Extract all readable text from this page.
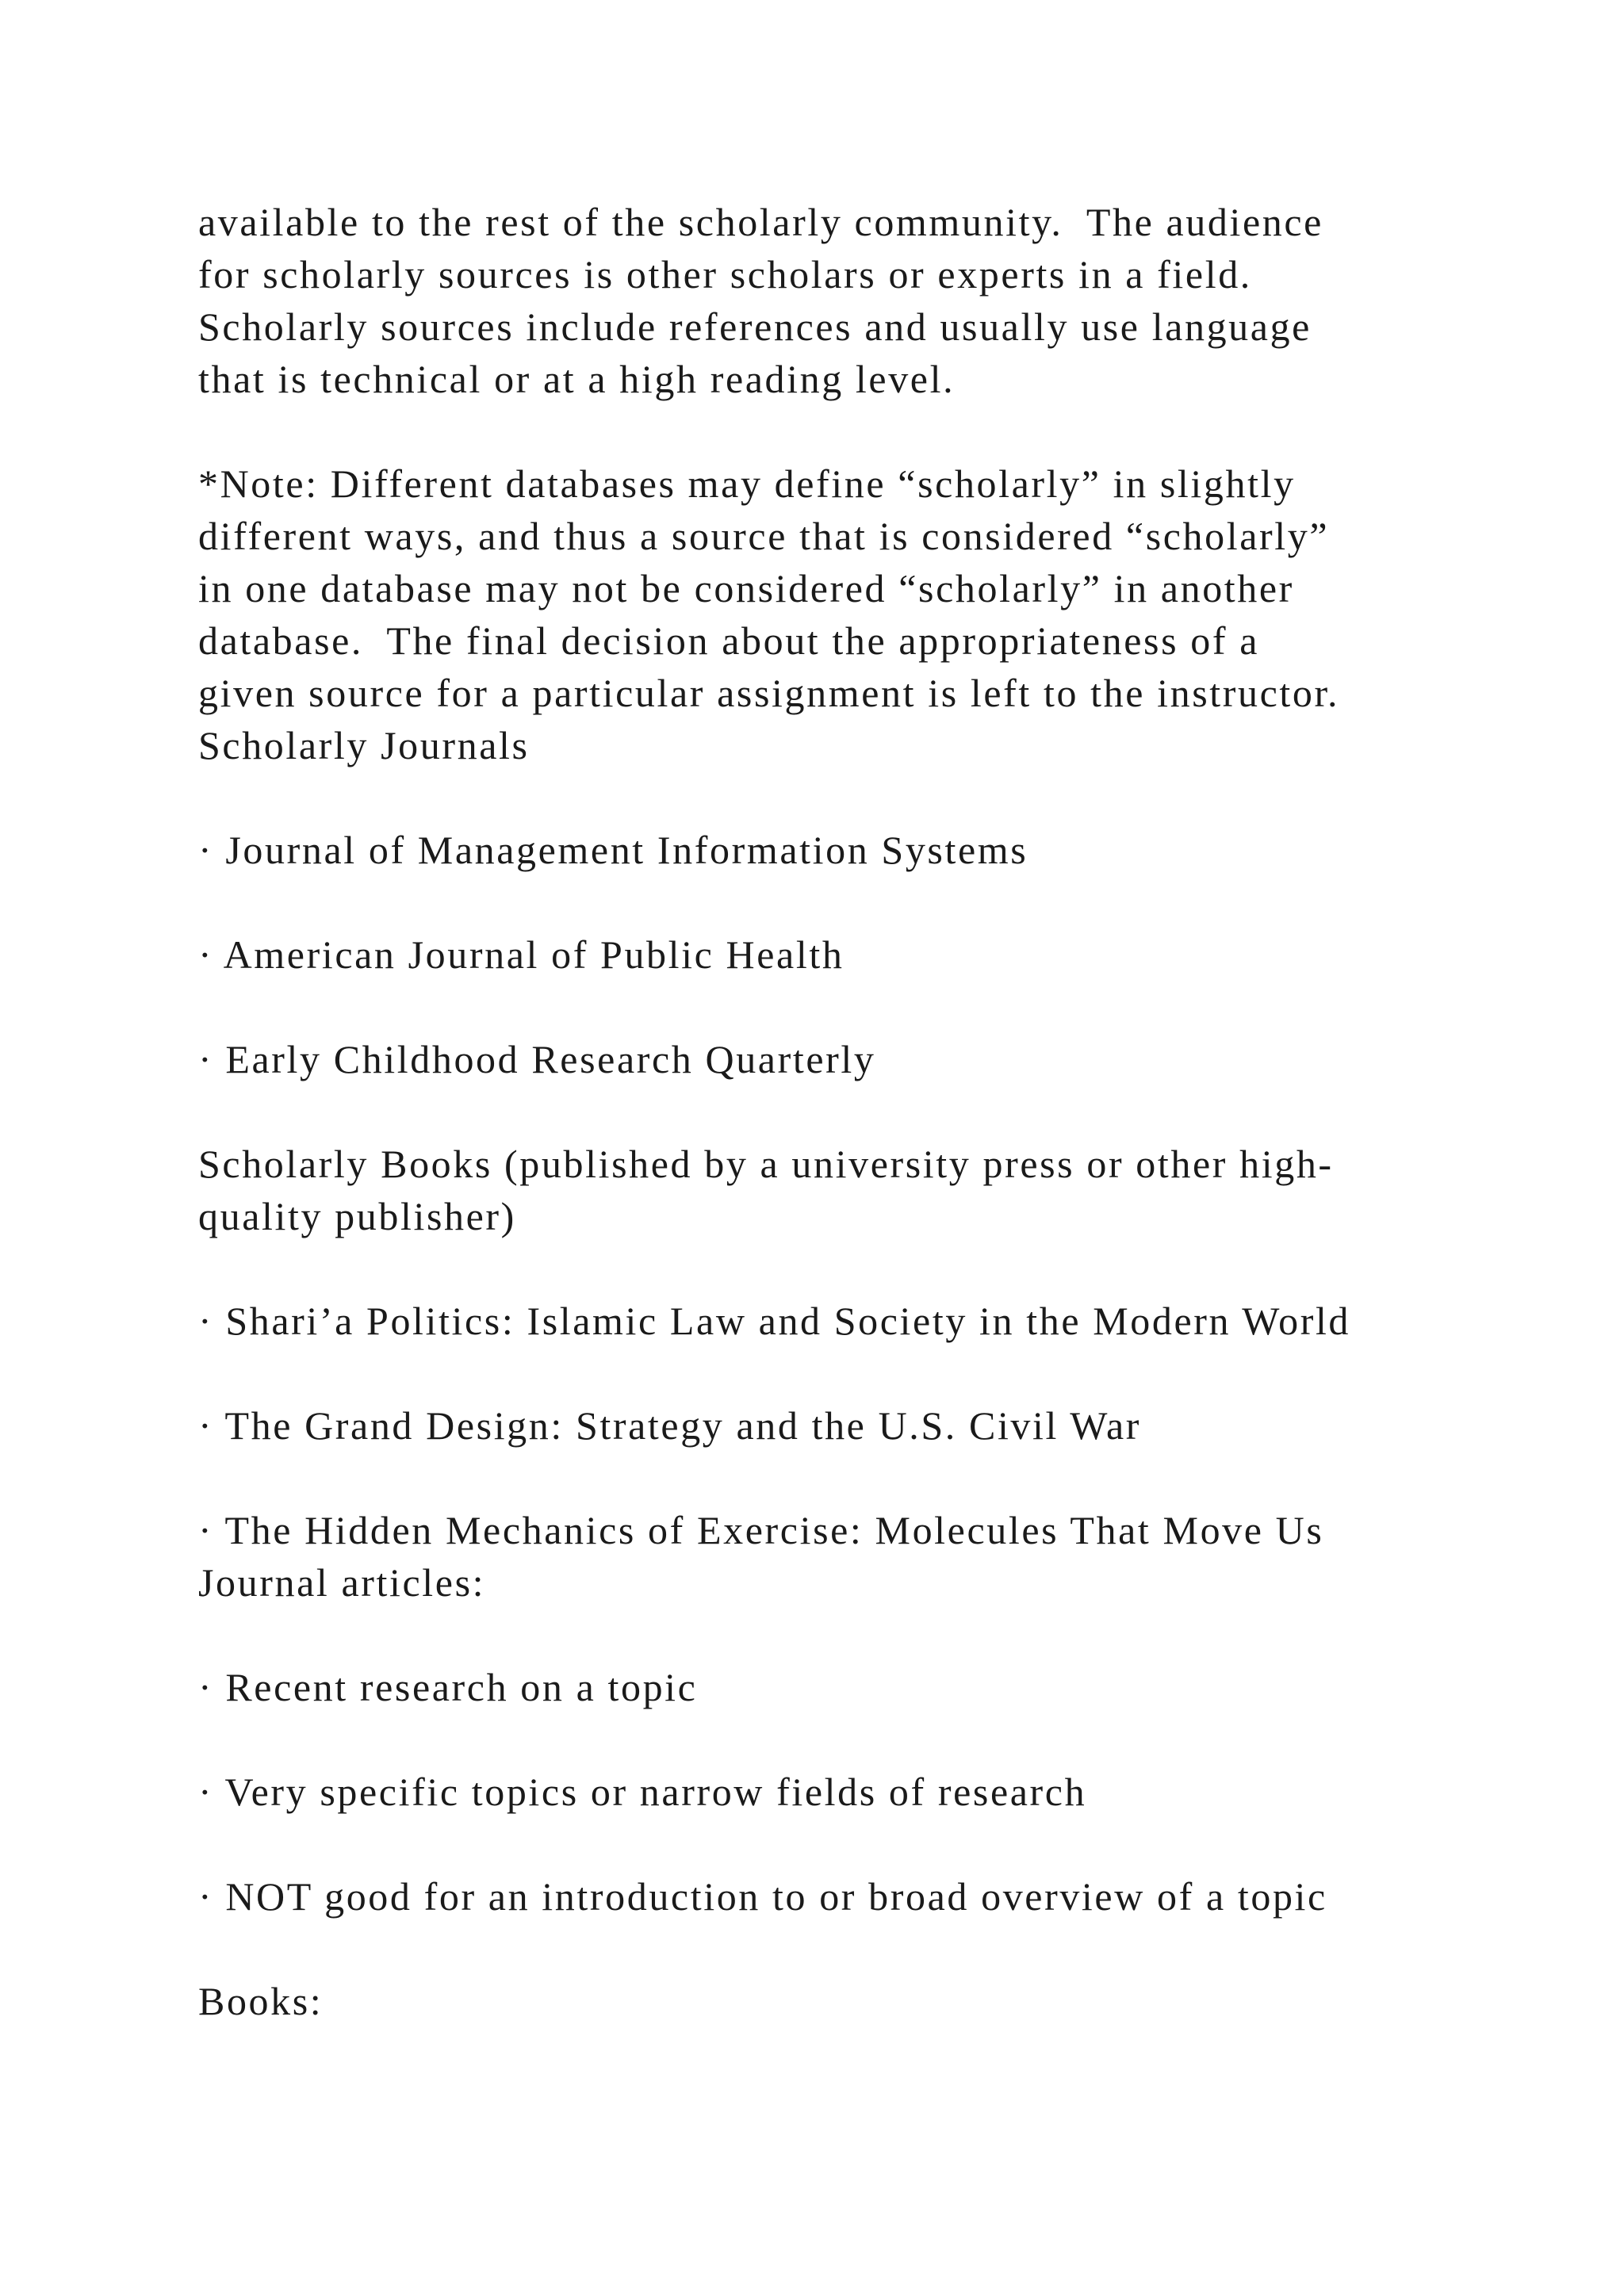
available to the rest of the scholarly community.  The audience
for scholarly sources is other scholars or experts in a field.
Scholarly sources include references and usually use language
that is technical or at a high reading level.
*Note: Different databases may define “scholarly” in slightly
different ways, and thus a source that is considered “scholarly”
in one database may not be considered “scholarly” in another
database.  The final decision about the appropriateness of a
given source for a particular assignment is left to the instructor.
Scholarly Journals
· Journal of Management Information Systems
· American Journal of Public Health
· Early Childhood Research Quarterly
Scholarly Books (published by a university press or other high-
quality publisher)
· Shari’a Politics: Islamic Law and Society in the Modern World
· The Grand Design: Strategy and the U.S. Civil War
· The Hidden Mechanics of Exercise: Molecules That Move Us
Journal articles:
· Recent research on a topic
· Very specific topics or narrow fields of research
· NOT good for an introduction to or broad overview of a topic
Books:
